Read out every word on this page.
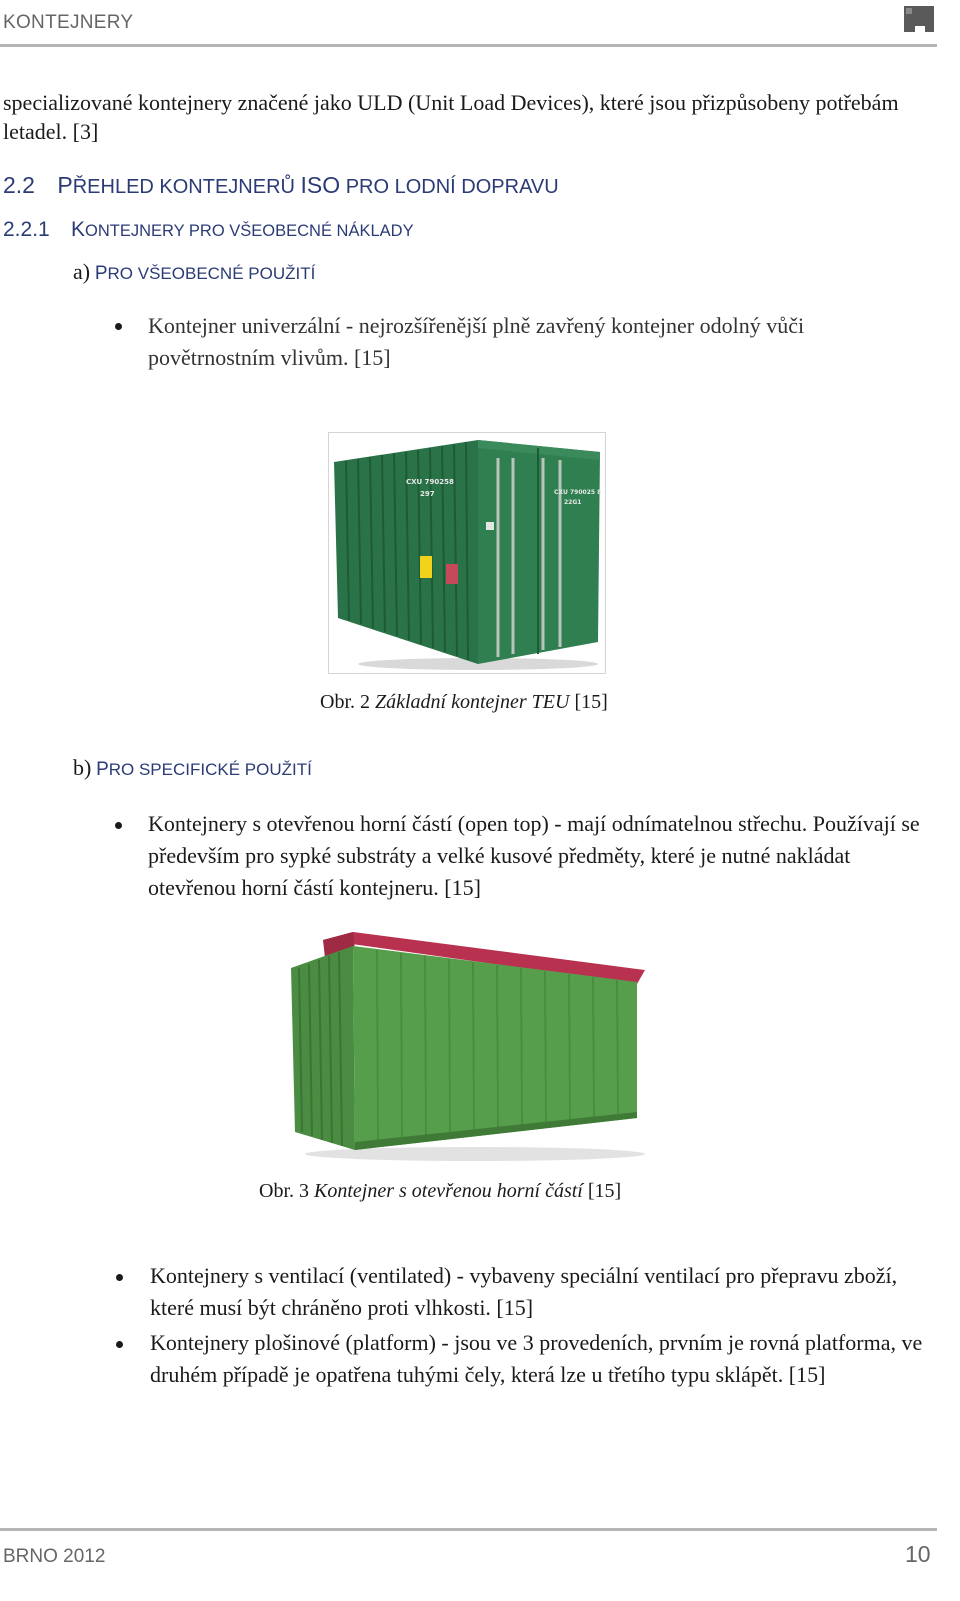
KONTEJNERY
specializované kontejnery značené jako ULD (Unit Load Devices), které jsou přizpůsobeny potřebám letadel. [3]
2.2 PŘEHLED KONTEJNERŮ ISO PRO LODNÍ DOPRAVU
2.2.1 KONTEJNERY PRO VŠEOBECNÉ NÁKLADY
a) PRO VŠEOBECNÉ POUŽITÍ
Kontejner univerzální - nejrozšířenější plně zavřený kontejner odolný vůči povětrnostním vlivům. [15]
CXU 790258
297	CXU 790025 8
22G1
Obr. 2 Základní kontejner TEU [15]
b) PRO SPECIFICKÉ POUŽITÍ
Kontejnery s otevřenou horní částí (open top) - mají odnímatelnou střechu. Používají se především pro sypké substráty a velké kusové předměty, které je nutné nakládat otevřenou horní částí kontejneru. [15]
Obr. 3 Kontejner s otevřenou horní částí [15]
Kontejnery s ventilací (ventilated) - vybaveny speciální ventilací pro přepravu zboží, které musí být chráněno proti vlhkosti. [15]
Kontejnery plošinové (platform) - jsou ve 3 provedeních, prvním je rovná platforma, ve druhém případě je opatřena tuhými čely, která lze u třetího typu sklápět. [15]
BRNO 2012	10
